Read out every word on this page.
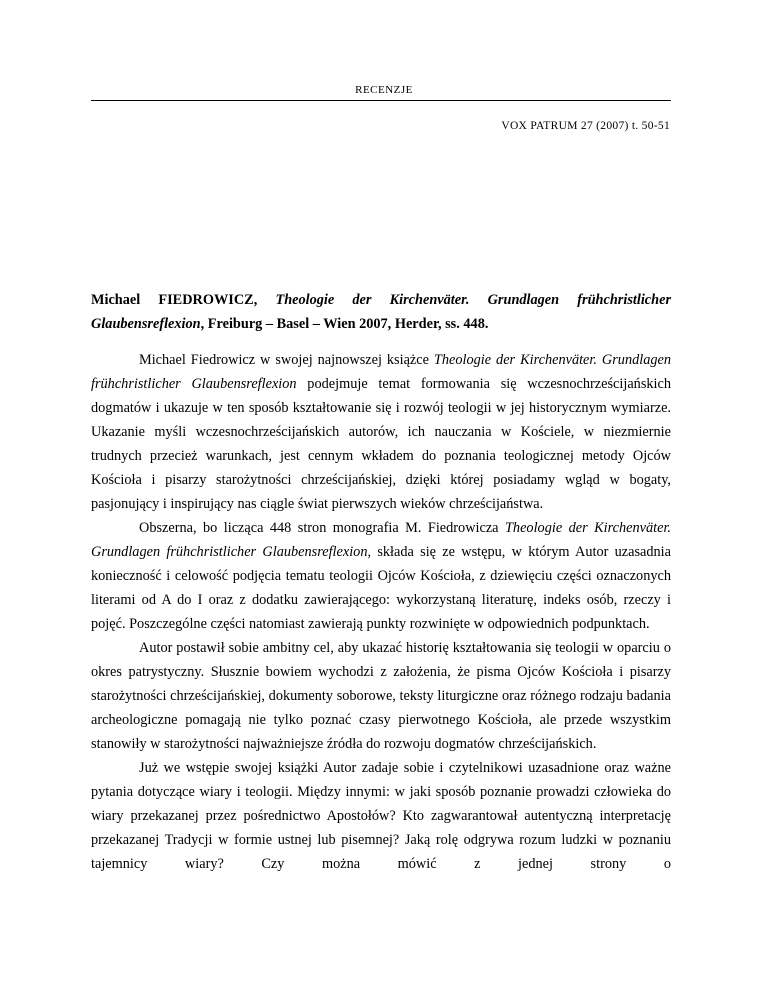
RECENZJE
VOX PATRUM 27 (2007) t. 50-51
Michael FIEDROWICZ, Theologie der Kirchenväter. Grundlagen frühchristlicher
Glaubensreflexion, Freiburg – Basel – Wien 2007, Herder, ss. 448.

Michael Fiedrowicz w swojej najnowszej książce Theologie der Kirchenväter. Grundlagen frühchristlicher Glaubensreflexion podejmuje temat formowania się wczesnochrześcijańskich dogmatów i ukazuje w ten sposób kształtowanie się i rozwój teologii w jej historycznym wymiarze. Ukazanie myśli wczesnochrześcijańskich autorów, ich nauczania w Kościele, w niezmiernie trudnych przecież warunkach, jest cennym wkładem do poznania teologicznej metody Ojców Kościoła i pisarzy starożytności chrześcijańskiej, dzięki której posiadamy wgląd w bogaty, pasjonujący i inspirujący nas ciągle świat pierwszych wieków chrześcijaństwa.

Obszerna, bo licząca 448 stron monografia M. Fiedrowicza Theologie der Kirchenväter. Grundlagen frühchristlicher Glaubensreflexion, składa się ze wstępu, w którym Autor uzasadnia konieczność i celowość podjęcia tematu teologii Ojców Kościoła, z dziewięciu części oznaczonych literami od A do I oraz z dodatku zawierającego: wykorzystaną literaturę, indeks osób, rzeczy i pojęć. Poszczególne części natomiast zawierają punkty rozwinięte w odpowiednich podpunktach.

Autor postawił sobie ambitny cel, aby ukazać historię kształtowania się teologii w oparciu o okres patrystyczny. Słusznie bowiem wychodzi z założenia, że pisma Ojców Kościoła i pisarzy starożytności chrześcijańskiej, dokumenty soborowe, teksty liturgiczne oraz różnego rodzaju badania archeologiczne pomagają nie tylko poznać czasy pierwotnego Kościoła, ale przede wszystkim stanowiły w starożytności najważniejsze źródła do rozwoju dogmatów chrześcijańskich.

Już we wstępie swojej książki Autor zadaje sobie i czytelnikowi uzasadnione oraz ważne pytania dotyczące wiary i teologii. Między innymi: w jaki sposób poznanie prowadzi człowieka do wiary przekazanej przez pośrednictwo Apostołów? Kto zagwarantował autentyczną interpretację przekazanej Tradycji w formie ustnej lub pisemnej? Jaką rolę odgrywa rozum ludzki w poznaniu tajemnicy wiary? Czy można mówić z jednej strony o
